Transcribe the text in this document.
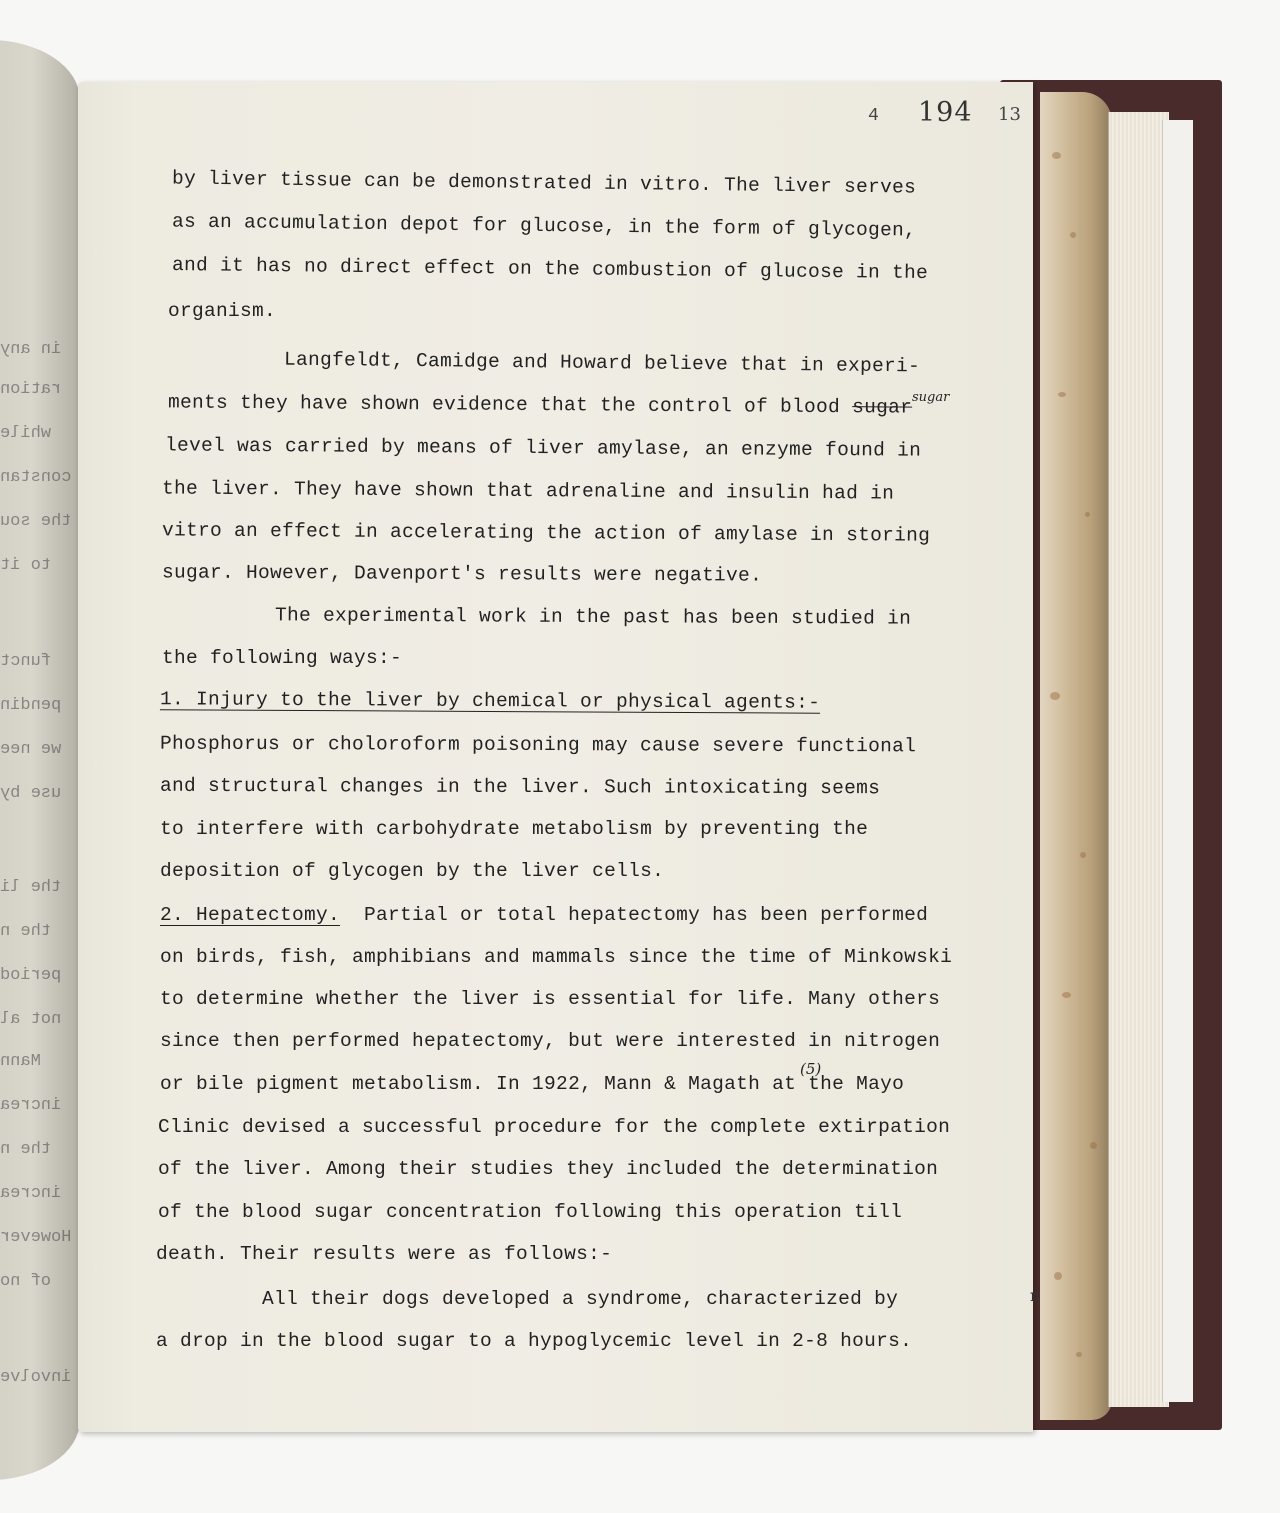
in any
ration
while
constan
the sou
to it
funct
pendin
we nee
use by
the li
the n
period
not al
Mann
increa
the n
increa
However
of no
involve
4 194 13
n
by liver tissue can be demonstrated in vitro. The liver serves
as an accumulation depot for glucose, in the form of glycogen,
and it has no direct effect on the combustion of glucose in the
organism.
Langfeldt, Camidge and Howard believe that in experi-
ments they have shown evidence that the control of blood sugar sugar
level was carried by means of liver amylase, an enzyme found in
the liver. They have shown that adrenaline and insulin had in
vitro an effect in accelerating the action of amylase in storing
sugar. However, Davenport's results were negative.
The experimental work in the past has been studied in
the following ways:-
1. Injury to the liver by chemical or physical agents:-
Phosphorus or choloroform poisoning may cause severe functional
and structural changes in the liver. Such intoxicating seems
to interfere with carbohydrate metabolism by preventing the
deposition of glycogen by the liver cells.
2. Hepatectomy. Partial or total hepatectomy has been performed
on birds, fish, amphibians and mammals since the time of Minkowski
to determine whether the liver is essential for life. Many others
since then performed hepatectomy, but were interested in nitrogen
or bile pigment metabolism. In 1922, Mann & Magath at the Mayo
(5)
Clinic devised a successful procedure for the complete extirpation
of the liver. Among their studies they included the determination
of the blood sugar concentration following this operation till
death. Their results were as follows:-
All their dogs developed a syndrome, characterized by
a drop in the blood sugar to a hypoglycemic level in 2-8 hours.
